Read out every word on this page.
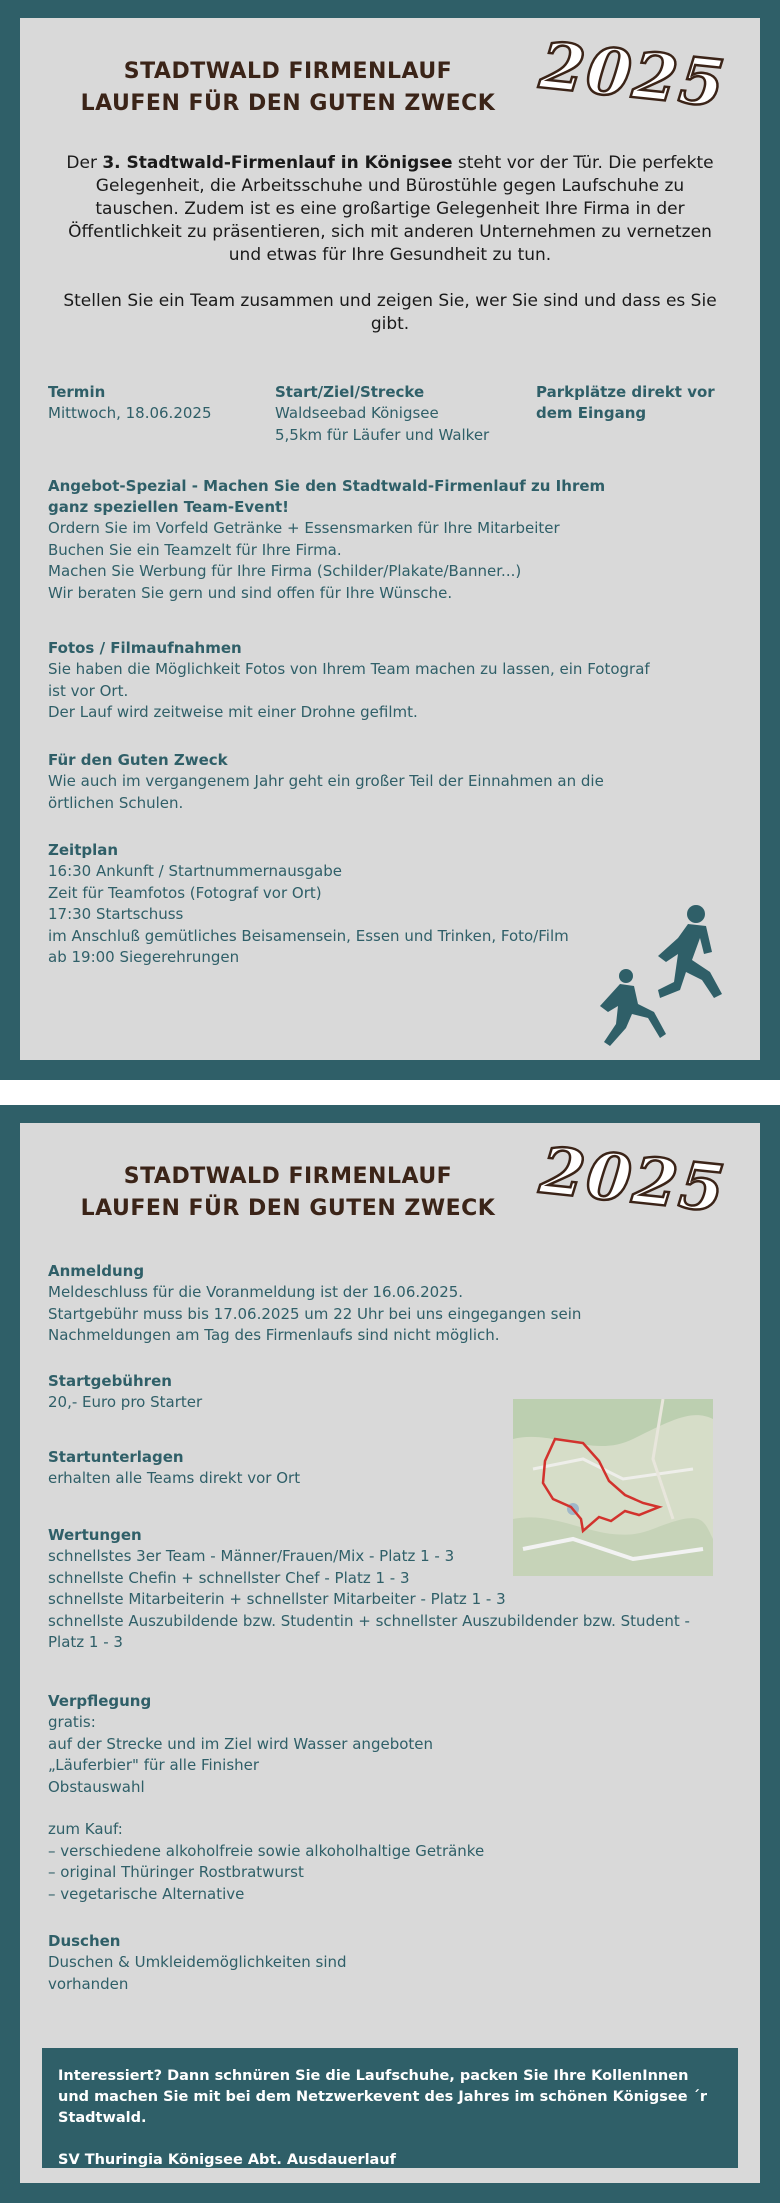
STADTWALD FIRMENLAUF
LAUFEN FÜR DEN GUTEN ZWECK 2025
Der 3. Stadtwald-Firmenlauf in Königsee steht vor der Tür. Die perfekte Gelegenheit, die Arbeitsschuhe und Bürostühle gegen Laufschuhe zu tauschen. Zudem ist es eine großartige Gelegenheit Ihre Firma in der Öffentlichkeit zu präsentieren, sich mit anderen Unternehmen zu vernetzen und etwas für Ihre Gesundheit zu tun.
Stellen Sie ein Team zusammen und zeigen Sie, wer Sie sind und dass es Sie gibt.
Termin
Mittwoch, 18.06.2025
Start/Ziel/Strecke
Waldseebad Königsee
5,5km für Läufer und Walker
Parkplätze direkt vor dem Eingang
Angebot-Spezial - Machen Sie den Stadtwald-Firmenlauf zu Ihrem ganz speziellen Team-Event!
Ordern Sie im Vorfeld Getränke + Essensmarken für Ihre Mitarbeiter
Buchen Sie ein Teamzelt für Ihre Firma.
Machen Sie Werbung für Ihre Firma (Schilder/Plakate/Banner...)
Wir beraten Sie gern und sind offen für Ihre Wünsche.
Fotos / Filmaufnahmen
Sie haben die Möglichkeit Fotos von Ihrem Team machen zu lassen, ein Fotograf ist vor Ort.
Der Lauf wird zeitweise mit einer Drohne gefilmt.
Für den Guten Zweck
Wie auch im vergangenem Jahr geht ein großer Teil der Einnahmen an die örtlichen Schulen.
Zeitplan
16:30 Ankunft / Startnummernausgabe
Zeit für Teamfotos (Fotograf vor Ort)
17:30 Startschuss
im Anschluß gemütliches Beisamensein, Essen und Trinken, Foto/Film
ab 19:00 Siegerehrungen
STADTWALD FIRMENLAUF
LAUFEN FÜR DEN GUTEN ZWECK 2025
Anmeldung
Meldeschluss für die Voranmeldung ist der 16.06.2025.
Startgebühr muss bis 17.06.2025 um 22 Uhr bei uns eingegangen sein
Nachmeldungen am Tag des Firmenlaufs sind nicht möglich.
Startgebühren
20,- Euro pro Starter
Startunterlagen
erhalten alle Teams direkt vor Ort
Wertungen
schnellstes 3er Team - Männer/Frauen/Mix - Platz 1 - 3
schnellste Chefin + schnellster Chef - Platz 1 - 3
schnellste Mitarbeiterin + schnellster Mitarbeiter - Platz 1 - 3
schnellste Auszubildende bzw. Studentin + schnellster Auszubildender bzw. Student - Platz 1 - 3
Verpflegung
gratis:
auf der Strecke und im Ziel wird Wasser angeboten
„Läuferbier" für alle Finisher
Obstauswahl
zum Kauf:
– verschiedene alkoholfreie sowie alkoholhaltige Getränke
– original Thüringer Rostbratwurst
– vegetarische Alternative
Duschen
Duschen & Umkleidemöglichkeiten sind
vorhanden
Interessiert? Dann schnüren Sie die Laufschuhe, packen Sie Ihre KollenInnen und machen Sie mit bei dem Netzwerkevent des Jahres im schönen Königsee ´r Stadtwald.
SV Thuringia Königsee Abt. Ausdauerlauf
